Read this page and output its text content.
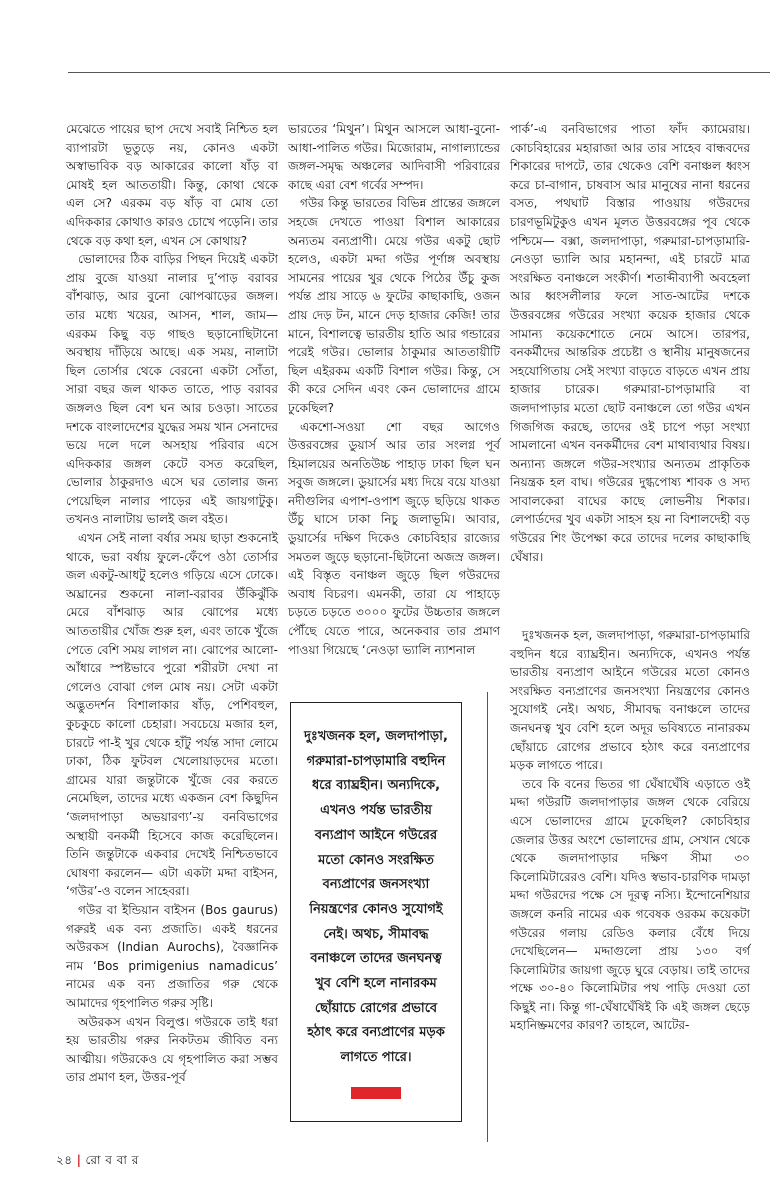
মেঝেতে পায়ের ছাপ দেখে সবাই নিশ্চিত হল ব্যাপারটা ভূতুড়ে নয়, কোনও একটা অস্বাভাবিক বড় আকারের কালো ষাঁড় বা মোষই হল আততায়ী। কিন্তু, কোথা থেকে এল সে? এরকম বড় ষাঁড় বা মোষ তো এদিককার কোথাও কারও চোখে পড়েনি। তার থেকে বড় কথা হল, এখন সে কোথায়?

ভোলাদের ঠিক বাড়ির পিছন দিয়েই একটা প্রায় বুজে যাওয়া নালার দু’পাড় বরাবর বাঁশঝাড়, আর বুনো ঝোপঝাড়ের জঙ্গল। তার মধ্যে খয়ের, আসন, শাল, জাম— এরকম কিছু বড় গাছও ছড়ানোছিটানো অবস্থায় দাঁড়িয়ে আছে। এক সময়, নালাটা ছিল তোর্সার থেকে বেরনো একটা সোঁতা, সারা বছর জল থাকত তাতে, পাড় বরাবর জঙ্গলও ছিল বেশ ঘন আর চওড়া। সাতের দশকে বাংলাদেশের যুদ্ধের সময় খান সেনাদের ভয়ে দলে দলে অসহায় পরিবার এসে এদিককার জঙ্গল কেটে বসত করেছিল, ভোলার ঠাকুরদাও এসে ঘর তোলার জন্য পেয়েছিল নালার পাড়ের এই জায়গাটুকু। তখনও নালাটায় ভালই জল বইত।

এখন সেই নালা বর্ষার সময় ছাড়া শুকনোই থাকে, ভরা বর্ষায় ফুলে-ফেঁপে ওঠা তোর্সার জল একটু-আধটু হলেও গড়িয়ে এসে ঢোকে। অঘ্রানের শুকনো নালা-বরাবর উঁকিঝুঁকি মেরে বাঁশঝাড় আর ঝোপের মধ্যে আততায়ীর খোঁজ শুরু হল, এবং তাকে খুঁজে পেতে বেশি সময় লাগল না। ঝোপের আলো-আঁধারে স্পষ্টভাবে পুরো শরীরটা দেখা না গেলেও বোঝা গেল মোষ নয়। সেটা একটা অদ্ভুতদর্শন বিশালাকার ষাঁড়, পেশিবহুল, কুচকুচে কালো চেহারা। সবচেয়ে মজার হল, চারটে পা-ই খুর থেকে হাঁটু পর্যন্ত সাদা লোমে ঢাকা, ঠিক ফুটবল খেলোয়াড়দের মতো। গ্রামের যারা জন্তুটাকে খুঁজে বের করতে নেমেছিল, তাদের মধ্যে একজন বেশ কিছুদিন ‘জলদাপাড়া অভয়ারণ্য’-য় বনবিভাগের অস্থায়ী বনকর্মী হিসেবে কাজ করেছিলেন। তিনি জন্তুটাকে একবার দেখেই নিশ্চিতভাবে ঘোষণা করলেন— এটা একটা মদ্দা বাইসন, ‘গউর’-ও বলেন সাহেবরা।

গউর বা ইন্ডিয়ান বাইসন (Bos gaurus) গরুরই এক বন্য প্রজাতি। একই ধরনের অউরকস (Indian Aurochs), বৈজ্ঞানিক নাম ‘Bos primigenius namadicus’ নামের এক বন্য প্রজাতির গরু থেকে আমাদের গৃহপালিত গরুর সৃষ্টি।

অউরকস এখন বিলুপ্ত। গউরকে তাই ধরা হয় ভারতীয় গরুর নিকটতম জীবিত বন্য আত্মীয়। গউরকেও যে গৃহপালিত করা সম্ভব তার প্রমাণ হল, উত্তর-পূর্ব

ভারতের ‘মিথুন’। মিথুন আসলে আধা-বুনো-আধা-পালিত গউর। মিজোরাম, নাগাল্যান্ডের জঙ্গল-সমৃদ্ধ অঞ্চলের আদিবাসী পরিবারের কাছে এরা বেশ গর্বের সম্পদ।

গউর কিন্তু ভারতের বিভিন্ন প্রান্তের জঙ্গলে সহজে দেখতে পাওয়া বিশাল আকারের অন্যতম বন্যপ্রাণী। মেয়ে গউর একটু ছোট হলেও, একটা মদ্দা গউর পূর্ণাঙ্গ অবস্থায় সামনের পায়ের খুর থেকে পিঠের উঁচু কুজ পর্যন্ত প্রায় সাড়ে ৬ ফুটের কাছাকাছি, ওজন প্রায় দেড় টন, মানে দেড় হাজার কেজি! তার মানে, বিশালত্বে ভারতীয় হাতি আর গন্ডারের পরেই গউর। ভোলার ঠাকুমার আততায়ীটি ছিল এইরকম একটি বিশাল গউর। কিন্তু, সে কী করে সেদিন এবং কেন ভোলাদের গ্রামে ঢুকেছিল?

একশো-সওয়া শো বছর আগেও উত্তরবঙ্গের ডুয়ার্স আর তার সংলগ্ন পূর্ব হিমালয়ের অনতিউচ্চ পাহাড় ঢাকা ছিল ঘন সবুজ জঙ্গলে। ডুয়ার্সের মধ্য দিয়ে বয়ে যাওয়া নদীগুলির এপাশ-ওপাশ জুড়ে ছড়িয়ে থাকত উঁচু ঘাসে ঢাকা নিচু জলাভূমি। আবার, ডুয়ার্সের দক্ষিণ দিকেও কোচবিহার রাজ্যের সমতল জুড়ে ছড়ানো-ছিটানো অজস্র জঙ্গল। এই বিস্তৃত বনাঞ্চল জুড়ে ছিল গউরদের অবাধ বিচরণ। এমনকী, তারা যে পাহাড়ে চড়তে চড়তে ৩০০০ ফুটের উচ্চতার জঙ্গলে পৌঁছে যেতে পারে, অনেকবার তার প্রমাণ পাওয়া গিয়েছে ‘নেওড়া ভ্যালি ন্যাশনাল

দুঃখজনক হল, জলদাপাড়া, গরুমারা-চাপড়ামারি বহুদিন ধরে ব্যাঘ্রহীন। অন্যদিকে, এখনও পর্যন্ত ভারতীয় বন্যপ্রাণ আইনে গউরের মতো কোনও সংরক্ষিত বন্যপ্রাণের জনসংখ্যা নিয়ন্ত্রণের কোনও সুযোগই নেই। অথচ, সীমাবদ্ধ বনাঞ্চলে তাদের জনঘনত্ব খুব বেশি হলে নানারকম ছোঁয়াচে রোগের প্রভাবে হঠাৎ করে বন্যপ্রাণের মড়ক লাগতে পারে।

পার্ক’-এ বনবিভাগের পাতা ফাঁদ ক্যামেরায়। কোচবিহারের মহারাজা আর তার সাহেব বান্ধবদের শিকারের দাপটে, তার থেকেও বেশি বনাঞ্চল ধ্বংস করে চা-বাগান, চাষবাস আর মানুষের নানা ধরনের বসত, পথঘাট বিস্তার পাওয়ায় গউরদের চারণভূমিটুকুও এখন মূলত উত্তরবঙ্গের পূব থেকে পশ্চিমে— বক্সা, জলদাপাড়া, গরুমারা-চাপড়ামারি-নেওড়া ভ্যালি আর মহানন্দা, এই চারটে মাত্র সংরক্ষিত বনাঞ্চলে সংকীর্ণ। শতাব্দীব্যাপী অবহেলা আর ধ্বংসলীলার ফলে সাত-আটের দশকে উত্তরবঙ্গের গউরের সংখ্যা কয়েক হাজার থেকে সামান্য কয়েকশোতে নেমে আসে। তারপর, বনকর্মীদের আন্তরিক প্রচেষ্টা ও স্থানীয় মানুষজনের সহযোগিতায় সেই সংখ্যা বাড়তে বাড়তে এখন প্রায় হাজার চারেক। গরুমারা-চাপড়ামারি বা জলদাপাড়ার মতো ছোট বনাঞ্চলে তো গউর এখন গিজগিজ করছে, তাদের ওই চাপে পড়া সংখ্যা সামলানো এখন বনকর্মীদের বেশ মাথাব্যথার বিষয়। অন্যান্য জঙ্গলে গউর-সংখ্যার অন্যতম প্রাকৃতিক নিয়ন্ত্রক হল বাঘ। গউরের দুগ্ধপোষ্য শাবক ও সদ্য সাবালকেরা বাঘের কাছে লোভনীয় শিকার। লেপার্ডদের খুব একটা সাহস হয় না বিশালদেহী বড় গউরের শিং উপেক্ষা করে তাদের দলের কাছাকাছি ঘেঁষার।

দুঃখজনক হল, জলদাপাড়া, গরুমারা-চাপড়ামারি বহুদিন ধরে ব্যাঘ্রহীন। অন্যদিকে, এখনও পর্যন্ত ভারতীয় বন্যপ্রাণ আইনে গউরের মতো কোনও সংরক্ষিত বন্যপ্রাণের জনসংখ্যা নিয়ন্ত্রণের কোনও সুযোগই নেই। অথচ, সীমাবদ্ধ বনাঞ্চলে তাদের জনঘনত্ব খুব বেশি হলে অদূর ভবিষ্যতে নানারকম ছোঁয়াচে রোগের প্রভাবে হঠাৎ করে বন্যপ্রাণের মড়ক লাগতে পারে।

তবে কি বনের ভিতর গা ঘেঁষাঘেঁষি এড়াতে ওই মদ্দা গউরটি জলদাপাড়ার জঙ্গল থেকে বেরিয়ে এসে ভোলাদের গ্রামে ঢুকেছিল? কোচবিহার জেলার উত্তর অংশে ভোলাদের গ্রাম, সেখান থেকে থেকে জলদাপাড়ার দক্ষিণ সীমা ৩০ কিলোমিটারেরও বেশি। যদিও স্বভাব-চারণিক দামড়া মদ্দা গউরদের পক্ষে সে দূরত্ব নস্যি। ইন্দোনেশিয়ার জঙ্গলে কনরি নামের এক গবেষক ওরকম কয়েকটা গউরের গলায় রেডিও কলার বেঁধে দিয়ে দেখেছিলেন— মদ্দাগুলো প্রায় ১৩০ বর্গ কিলোমিটার জায়গা জুড়ে ঘুরে বেড়ায়। তাই তাদের পক্ষে ৩০-৪০ কিলোমিটার পথ পাড়ি দেওয়া তো কিছুই না। কিন্তু গা-ঘেঁষাঘেঁষিই কি এই জঙ্গল ছেড়ে মহানিষ্ক্রমণের কারণ? তাহলে, আটের-

২৪ | রো ব বা র
